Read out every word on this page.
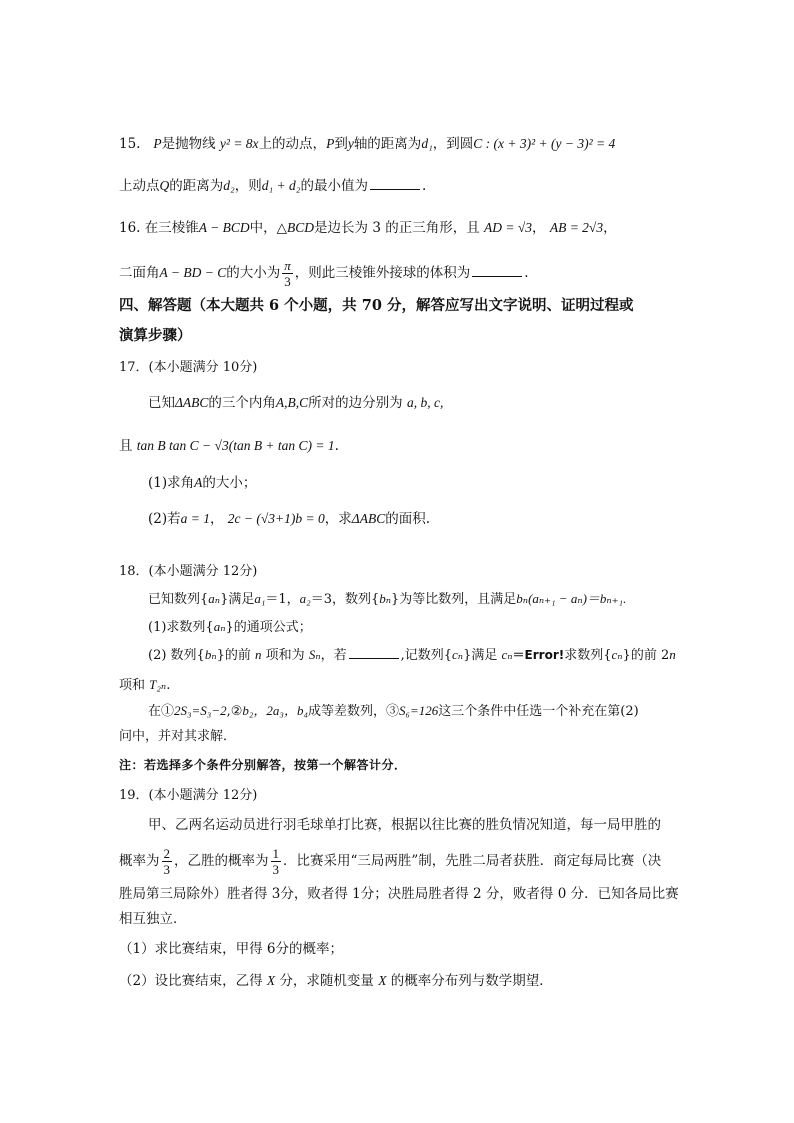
15. P是抛物线 y² = 8x上的动点，P到y轴的距离为d₁，到圆C : (x + 3)² + (y − 3)² = 4
上动点Q的距离为d₂，则d₁ + d₂的最小值为	.
16. 在三棱锥A − BCD中，△BCD是边长为 3 的正三角形，且 AD = √3， AB = 2√3，
二面角A − BD − C的大小为 $\frac{\pi}{3}$ ，则此三棱锥外接球的体积为	.
四、解答题（本大题共 6 个小题，共 70 分，解答应写出文字说明、证明过程或
演算步骤）
17．(本小题满分 10分)
已知ΔABC的三个内角A,B,C所对的边分别为 a, b, c,
且 tan B tan C − √3(tan B + tan C) = 1.
(1)求角A的大小；
(2)若a = 1， 2c − (√3+1)b = 0，求ΔABC的面积.
18．(本小题满分 12分)
已知数列{aₙ}满足a₁＝1，a₂＝3，数列{bₙ}为等比数列，且满足bₙ(aₙ₊₁ − aₙ)＝bₙ₊₁.
(1)求数列{aₙ}的通项公式；
(2) 数列{bₙ}的前 n 项和为 Sₙ，若	,记数列{cₙ}满足 cₙ＝Error!求数列{cₙ}的前 2n
项和 T₂ₙ.
在①2S₃=S₃−2,②b₂，2a₃，b₄成等差数列，③S₆=126这三个条件中任选一个补充在第(2)
问中，并对其求解．
注：若选择多个条件分别解答，按第一个解答计分．
19．(本小题满分 12分)
甲、乙两名运动员进行羽毛球单打比赛，根据以往比赛的胜负情况知道，每一局甲胜的
概率为 $\frac{2}{3}$ ，乙胜的概率为 $\frac{1}{3}$ ．比赛采用“三局两胜”制，先胜二局者获胜．商定每局比赛（决
胜局第三局除外）胜者得 3分，败者得 1分；决胜局胜者得 2 分，败者得 0 分．已知各局比赛
相互独立．
（1）求比赛结束，甲得 6分的概率；
（2）设比赛结束，乙得 X 分，求随机变量 X 的概率分布列与数学期望．
